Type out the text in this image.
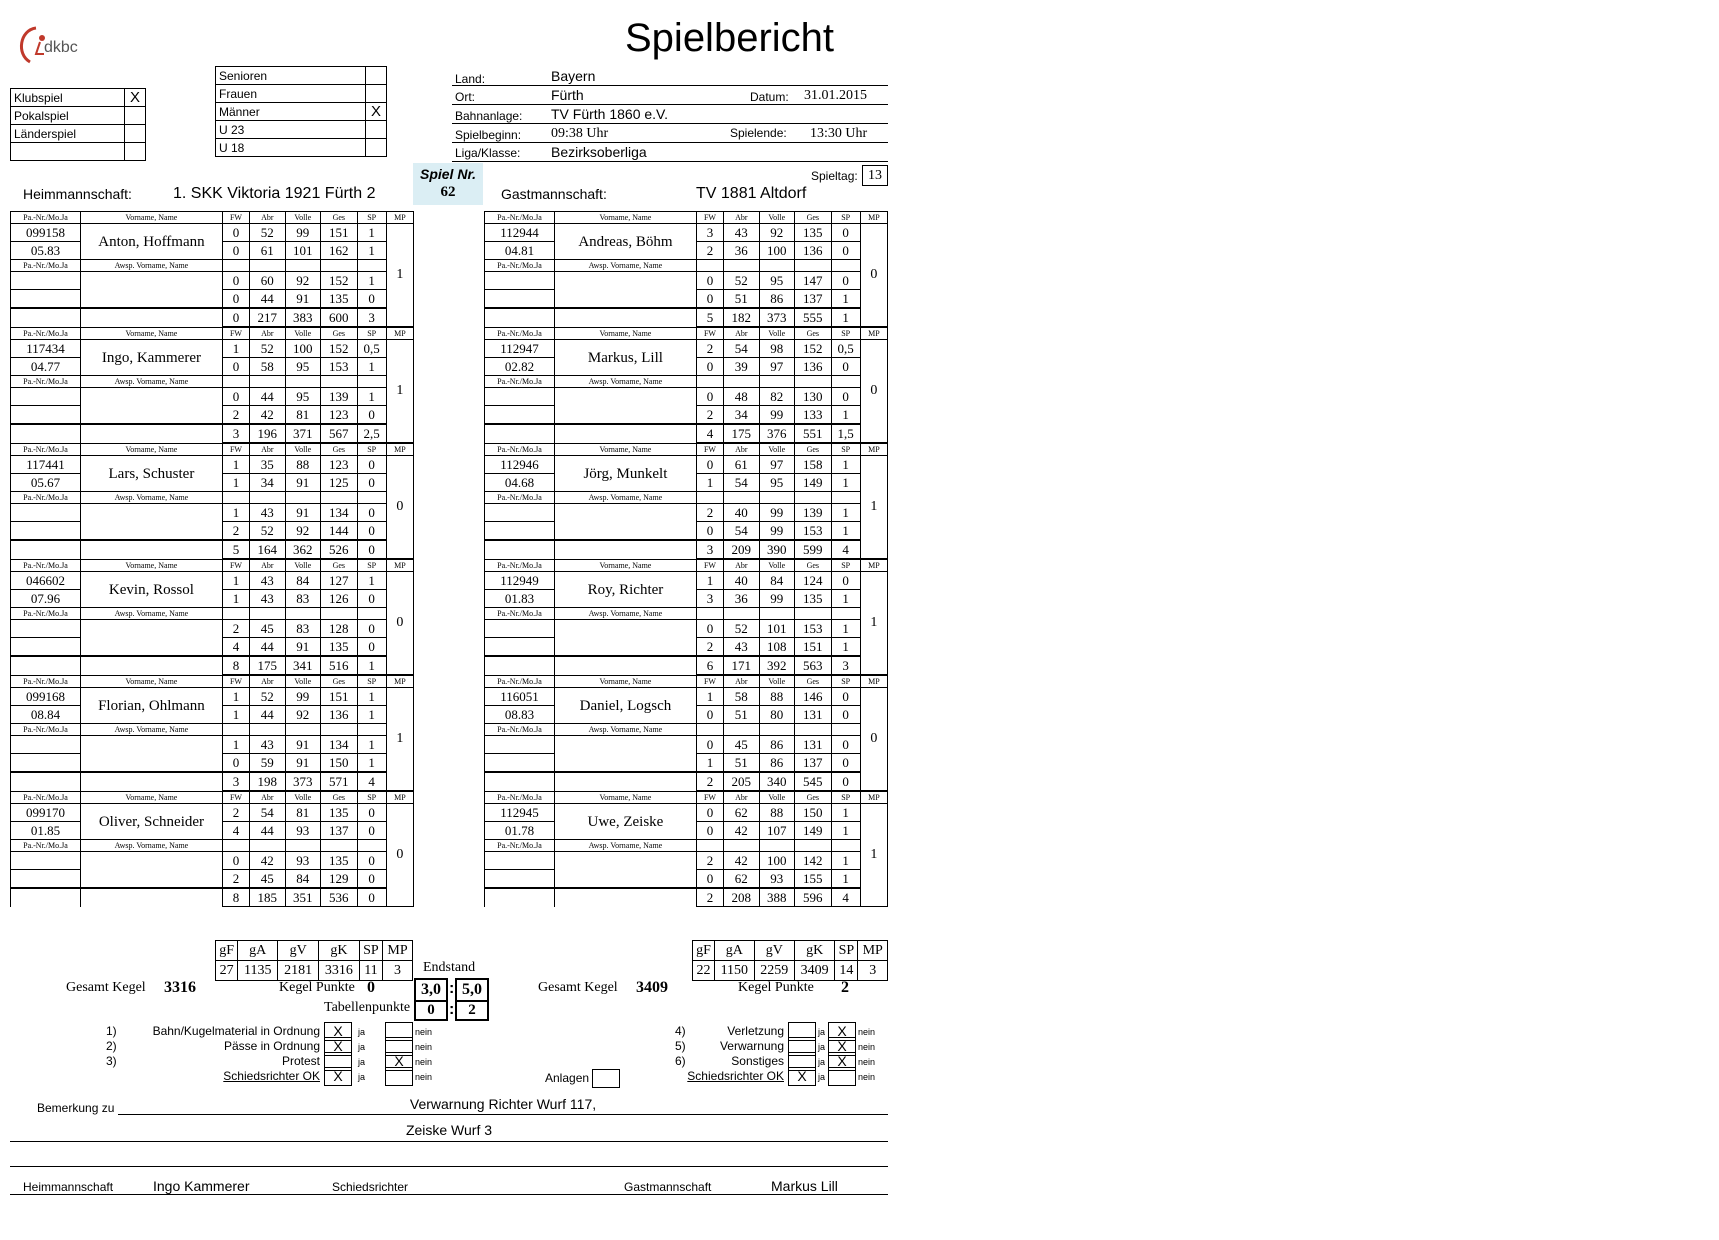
dkbc	Spielbericht
Klubspiel	X
Pokalspiel	
Länderspiel	

Senioren	
Frauen	
Männer	X
U 23	
U 18	
Land:	Bayern
Ort:	Fürth	Datum: 31.01.2015
Bahnanlage: TV Fürth 1860 e.V.
Spielbeginn: 09:38 Uhr	Spielende: 13:30 Uhr
Liga/Klasse: Bezirksoberliga
Spieltag: 13
Spiel Nr.
62
Heimmannschaft:	1. SKK Viktoria 1921 Fürth 2	Gastmannschaft:	TV 1881 Altdorf
Pa.-Nr./Mo.Ja	Vorname, Name	FW	Abr	Volle	Ges	SP	MP
099158	Anton, Hoffmann	0	52	99	151	1	1
05.83		0	61	101	162	1	
Pa.-Nr./Mo.Ja	Awsp. Vorname, Name						
		0	60	92	152	1	
		0	44	91	135	0	
		0	217	383	600	3	
Pa.-Nr./Mo.Ja	Vorname, Name	FW	Abr	Volle	Ges	SP	MP
117434	Ingo, Kammerer	1	52	100	152	0,5	1
04.77		0	58	95	153	1	
Pa.-Nr./Mo.Ja	Awsp. Vorname, Name						
		0	44	95	139	1	
		2	42	81	123	0	
		3	196	371	567	2,5	
Pa.-Nr./Mo.Ja	Vorname, Name	FW	Abr	Volle	Ges	SP	MP
117441	Lars, Schuster	1	35	88	123	0	0
05.67		1	34	91	125	0	
Pa.-Nr./Mo.Ja	Awsp. Vorname, Name						
		1	43	91	134	0	
		2	52	92	144	0	
		5	164	362	526	0	
Pa.-Nr./Mo.Ja	Vorname, Name	FW	Abr	Volle	Ges	SP	MP
046602	Kevin, Rossol	1	43	84	127	1	0
07.96		1	43	83	126	0	
Pa.-Nr./Mo.Ja	Awsp. Vorname, Name						
		2	45	83	128	0	
		4	44	91	135	0	
		8	175	341	516	1	
Pa.-Nr./Mo.Ja	Vorname, Name	FW	Abr	Volle	Ges	SP	MP
099168	Florian, Ohlmann	1	52	99	151	1	1
08.84		1	44	92	136	1	
Pa.-Nr./Mo.Ja	Awsp. Vorname, Name						
		1	43	91	134	1	
		0	59	91	150	1	
		3	198	373	571	4	
Pa.-Nr./Mo.Ja	Vorname, Name	FW	Abr	Volle	Ges	SP	MP
099170	Oliver, Schneider	2	54	81	135	0	0
01.85		4	44	93	137	0	
Pa.-Nr./Mo.Ja	Awsp. Vorname, Name						
		0	42	93	135	0	
		2	45	84	129	0	
		8	185	351	536	0	
Pa.-Nr./Mo.Ja	Vorname, Name	FW	Abr	Volle	Ges	SP	MP
112944	Andreas, Böhm	3	43	92	135	0	0
04.81		2	36	100	136	0	
Pa.-Nr./Mo.Ja	Awsp. Vorname, Name						
		0	52	95	147	0	
		0	51	86	137	1	
		5	182	373	555	1	
Pa.-Nr./Mo.Ja	Vorname, Name	FW	Abr	Volle	Ges	SP	MP
112947	Markus, Lill	2	54	98	152	0,5	0
02.82		0	39	97	136	0	
Pa.-Nr./Mo.Ja	Awsp. Vorname, Name						
		0	48	82	130	0	
		2	34	99	133	1	
		4	175	376	551	1,5	
Pa.-Nr./Mo.Ja	Vorname, Name	FW	Abr	Volle	Ges	SP	MP
112946	Jörg, Munkelt	0	61	97	158	1	1
04.68		1	54	95	149	1	
Pa.-Nr./Mo.Ja	Awsp. Vorname, Name						
		2	40	99	139	1	
		0	54	99	153	1	
		3	209	390	599	4	
Pa.-Nr./Mo.Ja	Vorname, Name	FW	Abr	Volle	Ges	SP	MP
112949	Roy, Richter	1	40	84	124	0	1
01.83		3	36	99	135	1	
Pa.-Nr./Mo.Ja	Awsp. Vorname, Name						
		0	52	101	153	1	
		2	43	108	151	1	
		6	171	392	563	3	
Pa.-Nr./Mo.Ja	Vorname, Name	FW	Abr	Volle	Ges	SP	MP
116051	Daniel, Logsch	1	58	88	146	0	0
08.83		0	51	80	131	0	
Pa.-Nr./Mo.Ja	Awsp. Vorname, Name						
		0	45	86	131	0	
		1	51	86	137	0	
		2	205	340	545	0	
Pa.-Nr./Mo.Ja	Vorname, Name	FW	Abr	Volle	Ges	SP	MP
112945	Uwe, Zeiske	0	62	88	150	1	1
01.78		0	42	107	149	1	
Pa.-Nr./Mo.Ja	Awsp. Vorname, Name						
		2	42	100	142	1	
		0	62	93	155	1	
		2	208	388	596	4	
gF	gA	gV	gK	SP	MP
27	1135	2181	3316	11	3
gF	gA	gV	gK	SP	MP
22	1150	2259	3409	14	3
Endstand
Gesamt Kegel 3316	Kegel Punkte 0	Gesamt Kegel 3409	Kegel Punkte 2
3,0 : 5,0
Tabellenpunkte	0 : 2
1)	Bahn/Kugelmaterial in Ordnung X	ja	nein
2)	Pässe in Ordnung X	ja	nein
3)	Protest	ja	X	nein
Schiedsrichter OK X	ja	nein	Anlagen
4)	Verletzung	ja X	nein
5)	Verwarnung	ja X	nein
6)	Sonstiges	ja X	nein
Schiedsrichter OK X	ja	nein
Bemerkung zu	Verwarnung Richter Wurf 117,
Zeiske Wurf 3
Heimmannschaft	Ingo Kammerer	Schiedsrichter	Gastmannschaft	Markus Lill
